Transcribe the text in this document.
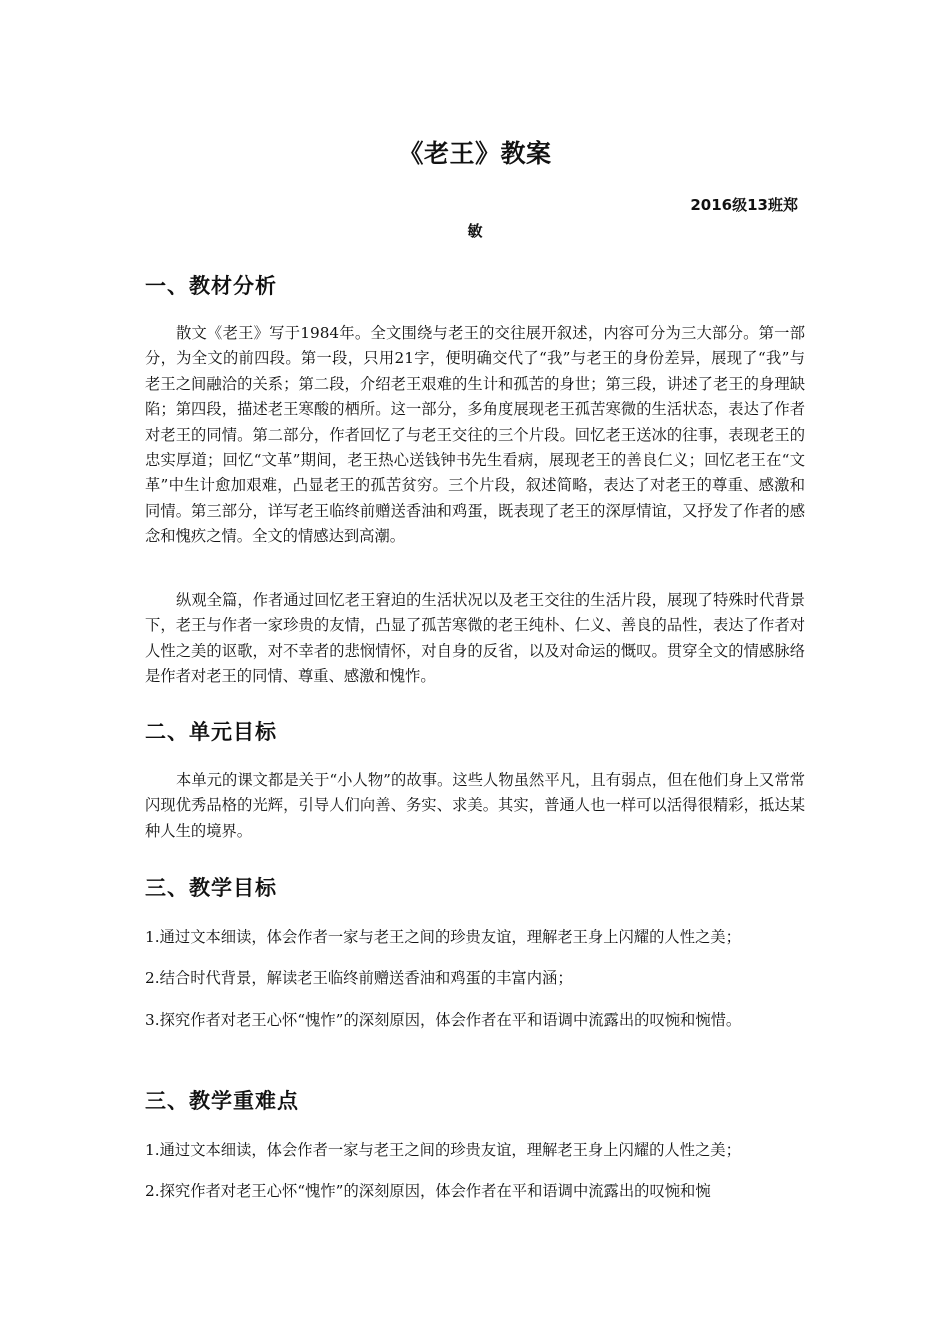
《老王》教案
2016级13班郑
敏
一、教材分析

散文《老王》写于1984年。全文围绕与老王的交往展开叙述，内容可分为三大部分。第一部分，为全文的前四段。第一段，只用21字，便明确交代了“我”与老王的身份差异，展现了“我”与老王之间融洽的关系；第二段，介绍老王艰难的生计和孤苦的身世；第三段，讲述了老王的身理缺陷；第四段，描述老王寒酸的栖所。这一部分，多角度展现老王孤苦寒微的生活状态，表达了作者对老王的同情。第二部分，作者回忆了与老王交往的三个片段。回忆老王送冰的往事，表现老王的忠实厚道；回忆“文革”期间，老王热心送钱钟书先生看病，展现老王的善良仁义；回忆老王在“文革”中生计愈加艰难，凸显老王的孤苦贫穷。三个片段，叙述简略，表达了对老王的尊重、感激和同情。第三部分，详写老王临终前赠送香油和鸡蛋，既表现了老王的深厚情谊，又抒发了作者的感念和愧疚之情。全文的情感达到高潮。

纵观全篇，作者通过回忆老王窘迫的生活状况以及老王交往的生活片段，展现了特殊时代背景下，老王与作者一家珍贵的友情，凸显了孤苦寒微的老王纯朴、仁义、善良的品性，表达了作者对人性之美的讴歌，对不幸者的悲悯情怀，对自身的反省，以及对命运的慨叹。贯穿全文的情感脉络是作者对老王的同情、尊重、感激和愧怍。

二、单元目标

本单元的课文都是关于“小人物”的故事。这些人物虽然平凡，且有弱点，但在他们身上又常常闪现优秀品格的光辉，引导人们向善、务实、求美。其实，普通人也一样可以活得很精彩，抵达某种人生的境界。

三、教学目标

1.通过文本细读，体会作者一家与老王之间的珍贵友谊，理解老王身上闪耀的人性之美；

2.结合时代背景，解读老王临终前赠送香油和鸡蛋的丰富内涵；

3.探究作者对老王心怀“愧怍”的深刻原因，体会作者在平和语调中流露出的叹惋和惋惜。

三、教学重难点

1.通过文本细读，体会作者一家与老王之间的珍贵友谊，理解老王身上闪耀的人性之美；

2.探究作者对老王心怀“愧怍”的深刻原因，体会作者在平和语调中流露出的叹惋和惋
